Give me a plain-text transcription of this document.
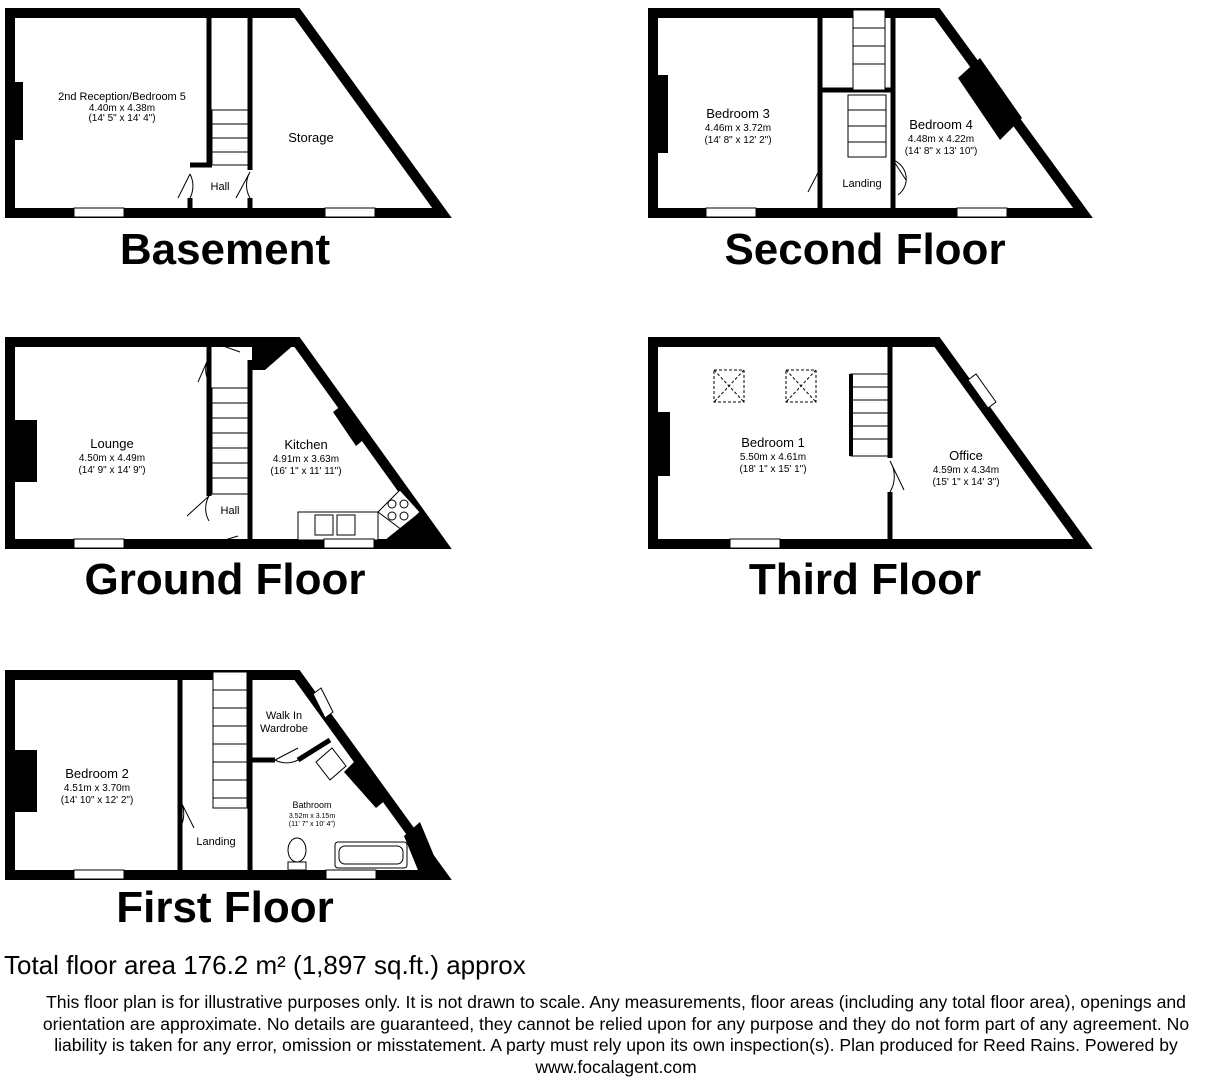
2nd Reception/Bedroom 5
4.40m x 4.38m
(14' 5" x 14' 4")
Storage
Hall
Basement
Bedroom 3
4.46m x 3.72m
(14' 8" x 12' 2")
Bedroom 4
4.48m x 4.22m
(14' 8" x 13' 10")
Landing
Second Floor
Lounge
4.50m x 4.49m
(14' 9" x 14' 9")
Kitchen
4.91m x 3.63m
(16' 1" x 11' 11")
Hall
Ground Floor
Bedroom 1
5.50m x 4.61m
(18' 1" x 15' 1")
Office
4.59m x 4.34m
(15' 1" x 14' 3")
Third Floor
Bedroom 2
4.51m x 3.70m
(14' 10" x 12' 2")
Walk In
Wardrobe
Bathroom
3.52m x 3.15m
(11' 7" x 10' 4")
Landing
First Floor
Total floor area 176.2 m² (1,897 sq.ft.) approx
This floor plan is for illustrative purposes only. It is not drawn to scale. Any measurements, floor areas (including any total floor area), openings and
orientation are approximate. No details are guaranteed, they cannot be relied upon for any purpose and they do not form part of any agreement. No
liability is taken for any error, omission or misstatement. A party must rely upon its own inspection(s). Plan produced for Reed Rains. Powered by
www.focalagent.com
